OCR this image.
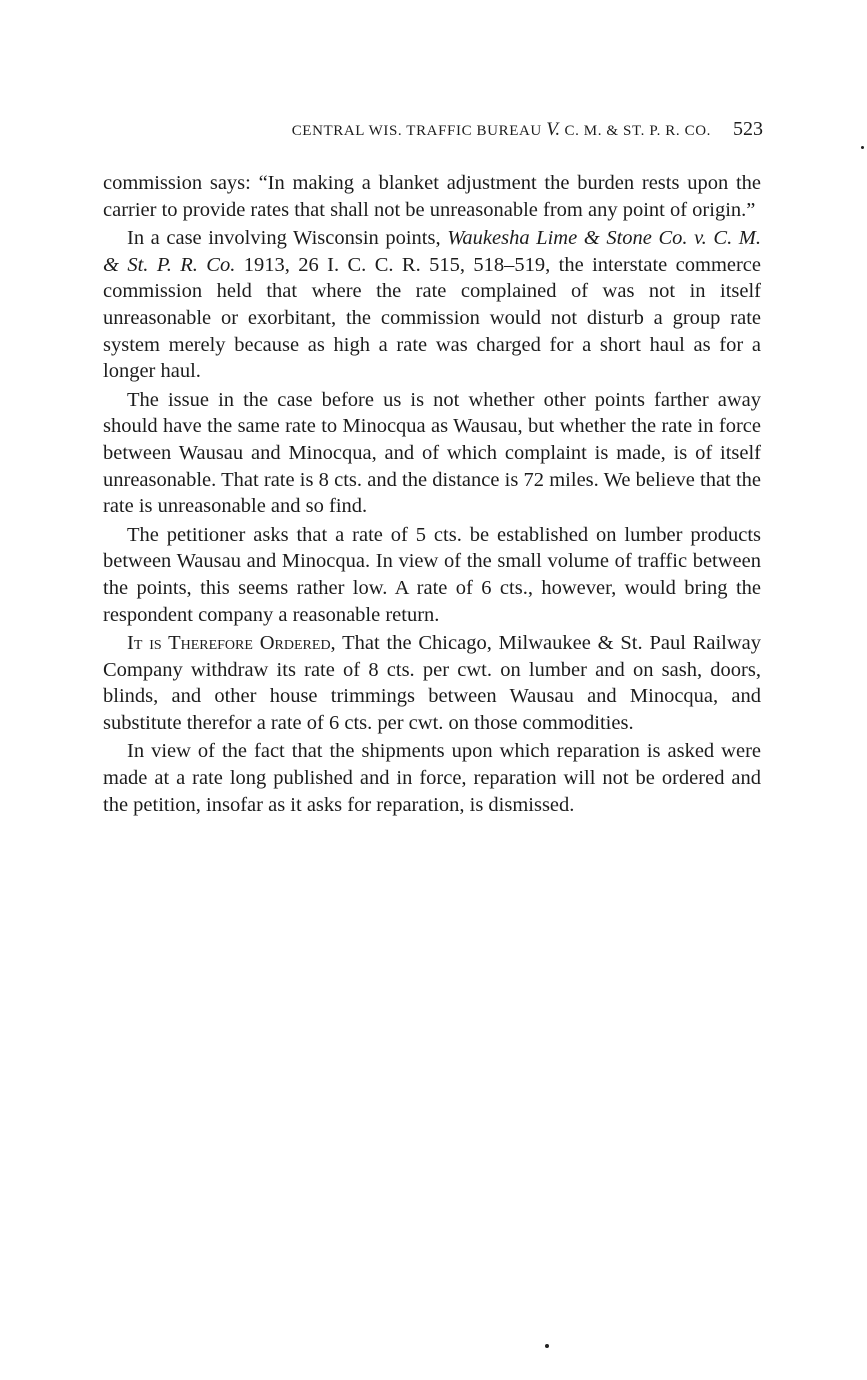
CENTRAL WIS. TRAFFIC BUREAU V. C. M. & ST. P. R. CO. 523

commission says: “In making a blanket adjustment the burden rests upon the carrier to provide rates that shall not be unreasonable from any point of origin.”

In a case involving Wisconsin points, Waukesha Lime & Stone Co. v. C. M. & St. P. R. Co. 1913, 26 I. C. C. R. 515, 518–519, the interstate commerce commission held that where the rate complained of was not in itself unreasonable or exorbitant, the commission would not disturb a group rate system merely because as high a rate was charged for a short haul as for a longer haul.

The issue in the case before us is not whether other points farther away should have the same rate to Minocqua as Wausau, but whether the rate in force between Wausau and Minocqua, and of which complaint is made, is of itself unreasonable. That rate is 8 cts. and the distance is 72 miles. We believe that the rate is unreasonable and so find.

The petitioner asks that a rate of 5 cts. be established on lumber products between Wausau and Minocqua. In view of the small volume of traffic between the points, this seems rather low. A rate of 6 cts., however, would bring the respondent company a reasonable return.

It is Therefore Ordered, That the Chicago, Milwaukee & St. Paul Railway Company withdraw its rate of 8 cts. per cwt. on lumber and on sash, doors, blinds, and other house trimmings between Wausau and Minocqua, and substitute therefor a rate of 6 cts. per cwt. on those commodities.

In view of the fact that the shipments upon which reparation is asked were made at a rate long published and in force, reparation will not be ordered and the petition, insofar as it asks for reparation, is dismissed.
